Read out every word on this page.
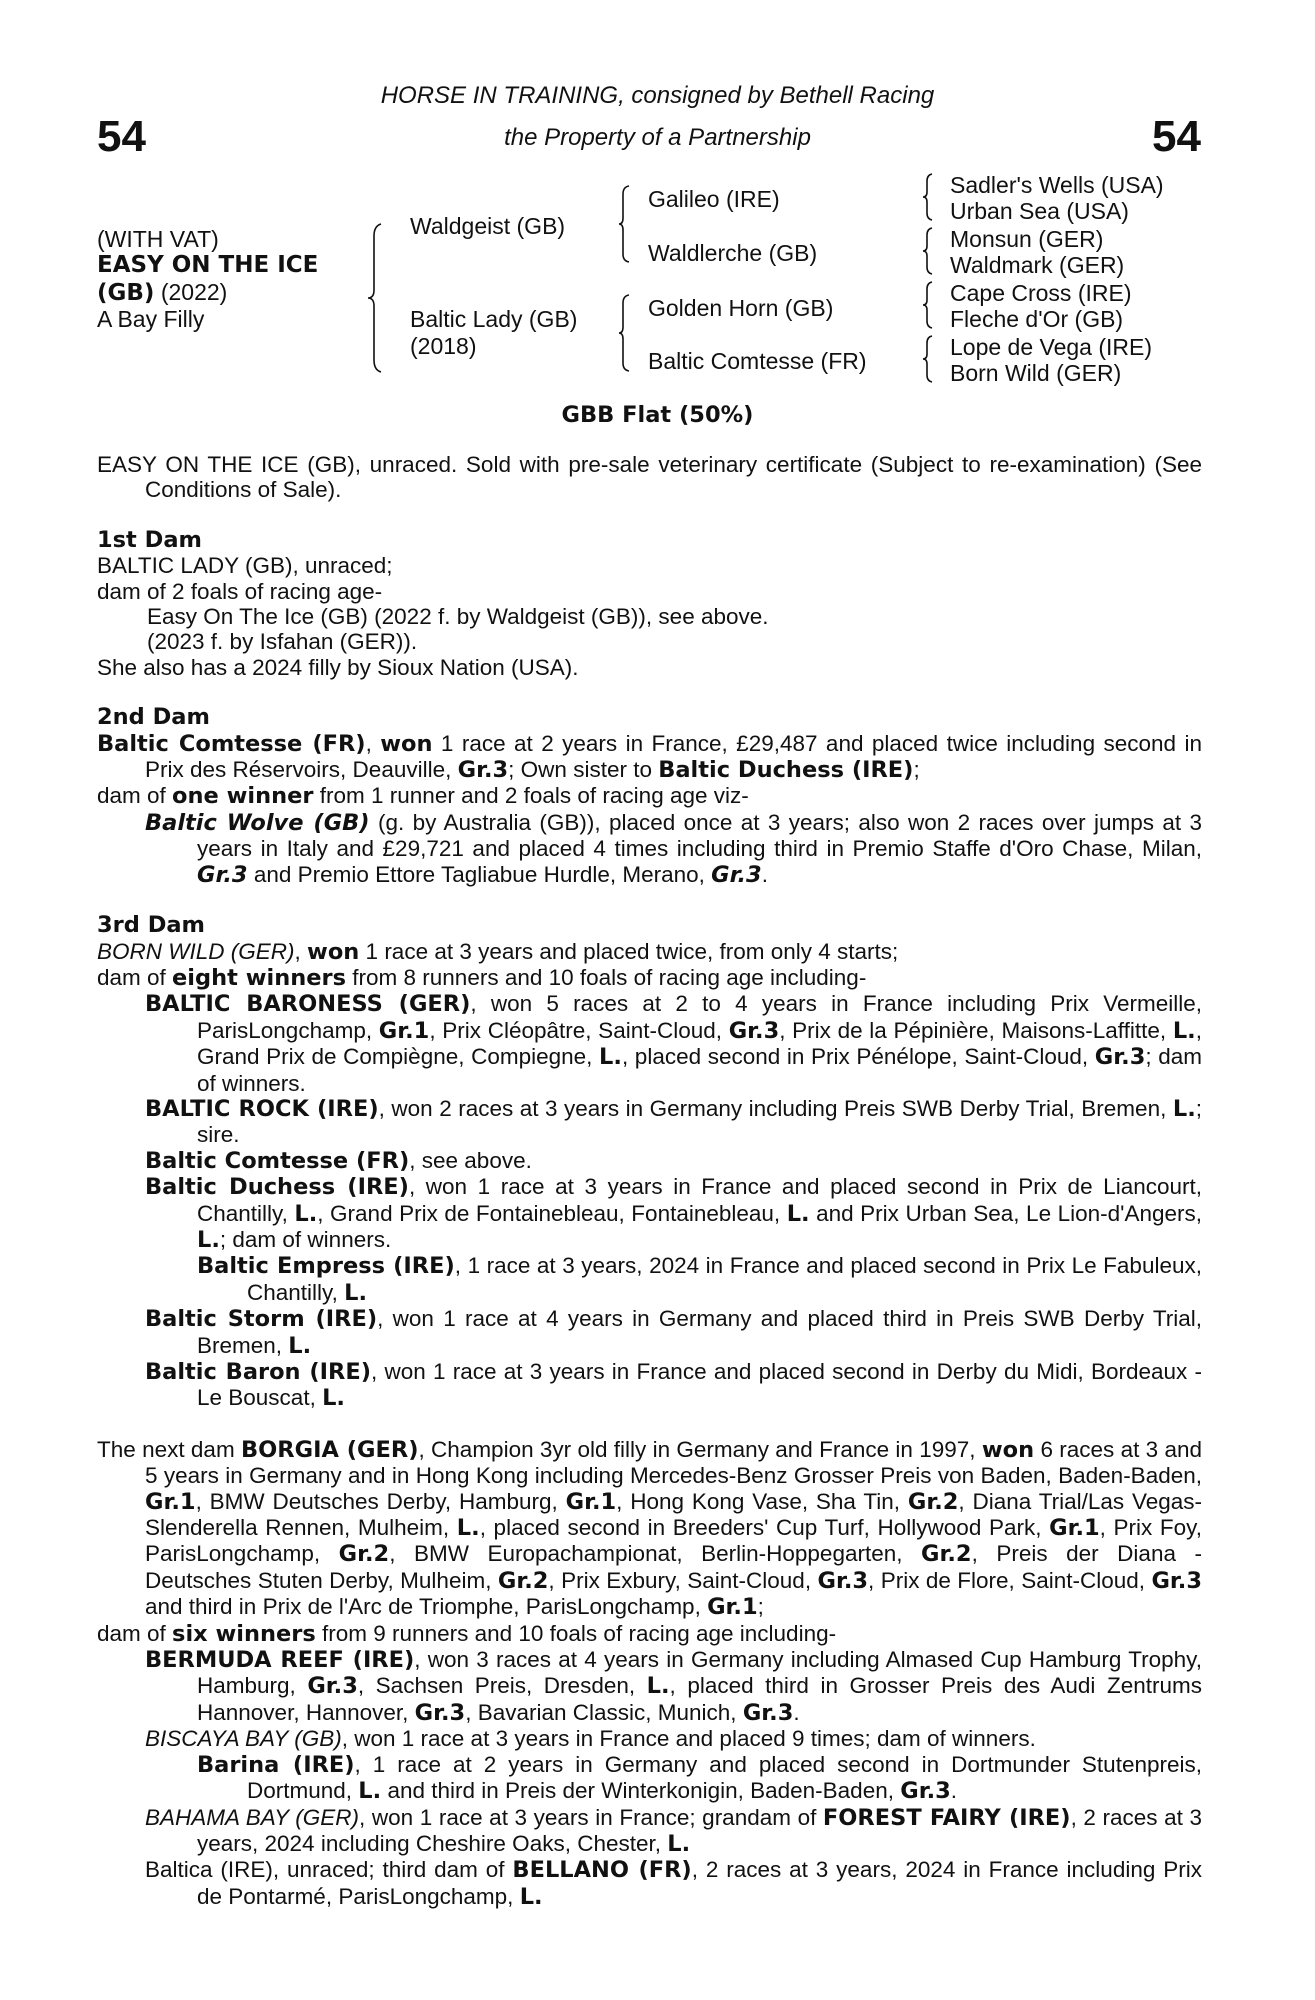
54	54
HORSE IN TRAINING, consigned by Bethell Racing
the Property of a Partnership
(WITH VAT)
EASY ON THE ICE
(GB) (2022)
A Bay Filly
Waldgeist (GB)
Baltic Lady (GB)
(2018)
Galileo (IRE)
Waldlerche (GB)
Golden Horn (GB)
Baltic Comtesse (FR)
Sadler's Wells (USA)
Urban Sea (USA)
Monsun (GER)
Waldmark (GER)
Cape Cross (IRE)
Fleche d'Or (GB)
Lope de Vega (IRE)
Born Wild (GER)
GBB Flat (50%)

EASY ON THE ICE (GB), unraced. Sold with pre-sale veterinary certificate (Subject to re-examination) (See Conditions of Sale).

1st Dam

BALTIC LADY (GB), unraced;

dam of 2 foals of racing age-

Easy On The Ice (GB) (2022 f. by Waldgeist (GB)), see above.

(2023 f. by Isfahan (GER)).

She also has a 2024 filly by Sioux Nation (USA).

2nd Dam

Baltic Comtesse (FR), won 1 race at 2 years in France, £29,487 and placed twice including second in Prix des Réservoirs, Deauville, Gr.3; Own sister to Baltic Duchess (IRE);

dam of one winner from 1 runner and 2 foals of racing age viz-

Baltic Wolve (GB) (g. by Australia (GB)), placed once at 3 years; also won 2 races over jumps at 3 years in Italy and £29,721 and placed 4 times including third in Premio Staffe d'Oro Chase, Milan, Gr.3 and Premio Ettore Tagliabue Hurdle, Merano, Gr.3.

3rd Dam

BORN WILD (GER), won 1 race at 3 years and placed twice, from only 4 starts;

dam of eight winners from 8 runners and 10 foals of racing age including-

BALTIC BARONESS (GER), won 5 races at 2 to 4 years in France including Prix Vermeille, ParisLongchamp, Gr.1, Prix Cléopâtre, Saint-Cloud, Gr.3, Prix de la Pépinière, Maisons-Laffitte, L., Grand Prix de Compiègne, Compiegne, L., placed second in Prix Pénélope, Saint-Cloud, Gr.3; dam of winners.

BALTIC ROCK (IRE), won 2 races at 3 years in Germany including Preis SWB Derby Trial, Bremen, L.; sire.

Baltic Comtesse (FR), see above.

Baltic Duchess (IRE), won 1 race at 3 years in France and placed second in Prix de Liancourt, Chantilly, L., Grand Prix de Fontainebleau, Fontainebleau, L. and Prix Urban Sea, Le Lion-d'Angers, L.; dam of winners.

Baltic Empress (IRE), 1 race at 3 years, 2024 in France and placed second in Prix Le Fabuleux, Chantilly, L.

Baltic Storm (IRE), won 1 race at 4 years in Germany and placed third in Preis SWB Derby Trial, Bremen, L.

Baltic Baron (IRE), won 1 race at 3 years in France and placed second in Derby du Midi, Bordeaux - Le Bouscat, L.

The next dam BORGIA (GER), Champion 3yr old filly in Germany and France in 1997, won 6 races at 3 and 5 years in Germany and in Hong Kong including Mercedes-Benz Grosser Preis von Baden, Baden-Baden, Gr.1, BMW Deutsches Derby, Hamburg, Gr.1, Hong Kong Vase, Sha Tin, Gr.2, Diana Trial/Las Vegas-Slenderella Rennen, Mulheim, L., placed second in Breeders' Cup Turf, Hollywood Park, Gr.1, Prix Foy, ParisLongchamp, Gr.2, BMW Europachampionat, Berlin-Hoppegarten, Gr.2, Preis der Diana - Deutsches Stuten Derby, Mulheim, Gr.2, Prix Exbury, Saint-Cloud, Gr.3, Prix de Flore, Saint-Cloud, Gr.3 and third in Prix de l'Arc de Triomphe, ParisLongchamp, Gr.1;

dam of six winners from 9 runners and 10 foals of racing age including-

BERMUDA REEF (IRE), won 3 races at 4 years in Germany including Almased Cup Hamburg Trophy, Hamburg, Gr.3, Sachsen Preis, Dresden, L., placed third in Grosser Preis des Audi Zentrums Hannover, Hannover, Gr.3, Bavarian Classic, Munich, Gr.3.

BISCAYA BAY (GB), won 1 race at 3 years in France and placed 9 times; dam of winners.

Barina (IRE), 1 race at 2 years in Germany and placed second in Dortmunder Stutenpreis, Dortmund, L. and third in Preis der Winterkonigin, Baden-Baden, Gr.3.

BAHAMA BAY (GER), won 1 race at 3 years in France; grandam of FOREST FAIRY (IRE), 2 races at 3 years, 2024 including Cheshire Oaks, Chester, L.

Baltica (IRE), unraced; third dam of BELLANO (FR), 2 races at 3 years, 2024 in France including Prix de Pontarmé, ParisLongchamp, L.
